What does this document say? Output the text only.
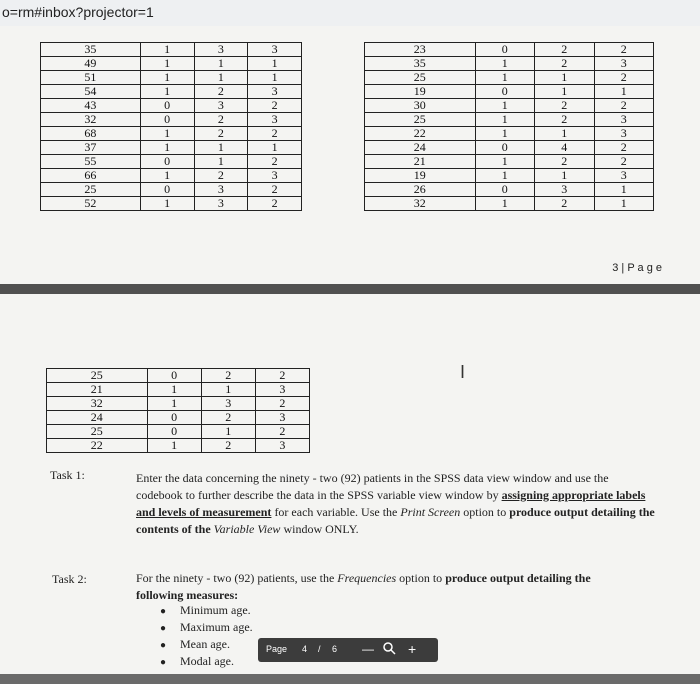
o=rm#inbox?projector=1
35	1	3	3
49	1	1	1
51	1	1	1
54	1	2	3
43	0	3	2
32	0	2	3
68	1	2	2
37	1	1	1
55	0	1	2
66	1	2	3
25	0	3	2
52	1	3	2
23	0	2	2
35	1	2	3
25	1	1	2
19	0	1	1
30	1	2	2
25	1	2	3
22	1	1	3
24	0	4	2
21	1	2	2
19	1	1	3
26	0	3	1
32	1	2	1
3 | P a g e
I
25	0	2	2
21	1	1	3
32	1	3	2
24	0	2	3
25	0	1	2
22	1	2	3
Task 1:	Enter the data concerning the ninety - two (92) patients in the SPSS data view window and use the codebook to further describe the data in the SPSS variable view window by assigning appropriate labels and levels of measurement for each variable. Use the Print Screen option to produce output detailing the contents of the Variable View window ONLY.
Task 2:	For the ninety - two (92) patients, use the Frequencies option to produce output detailing the following measures:
● Minimum age.
● Maximum age.
● Mean age.
● Modal age.
Page 4 / 6 — +
